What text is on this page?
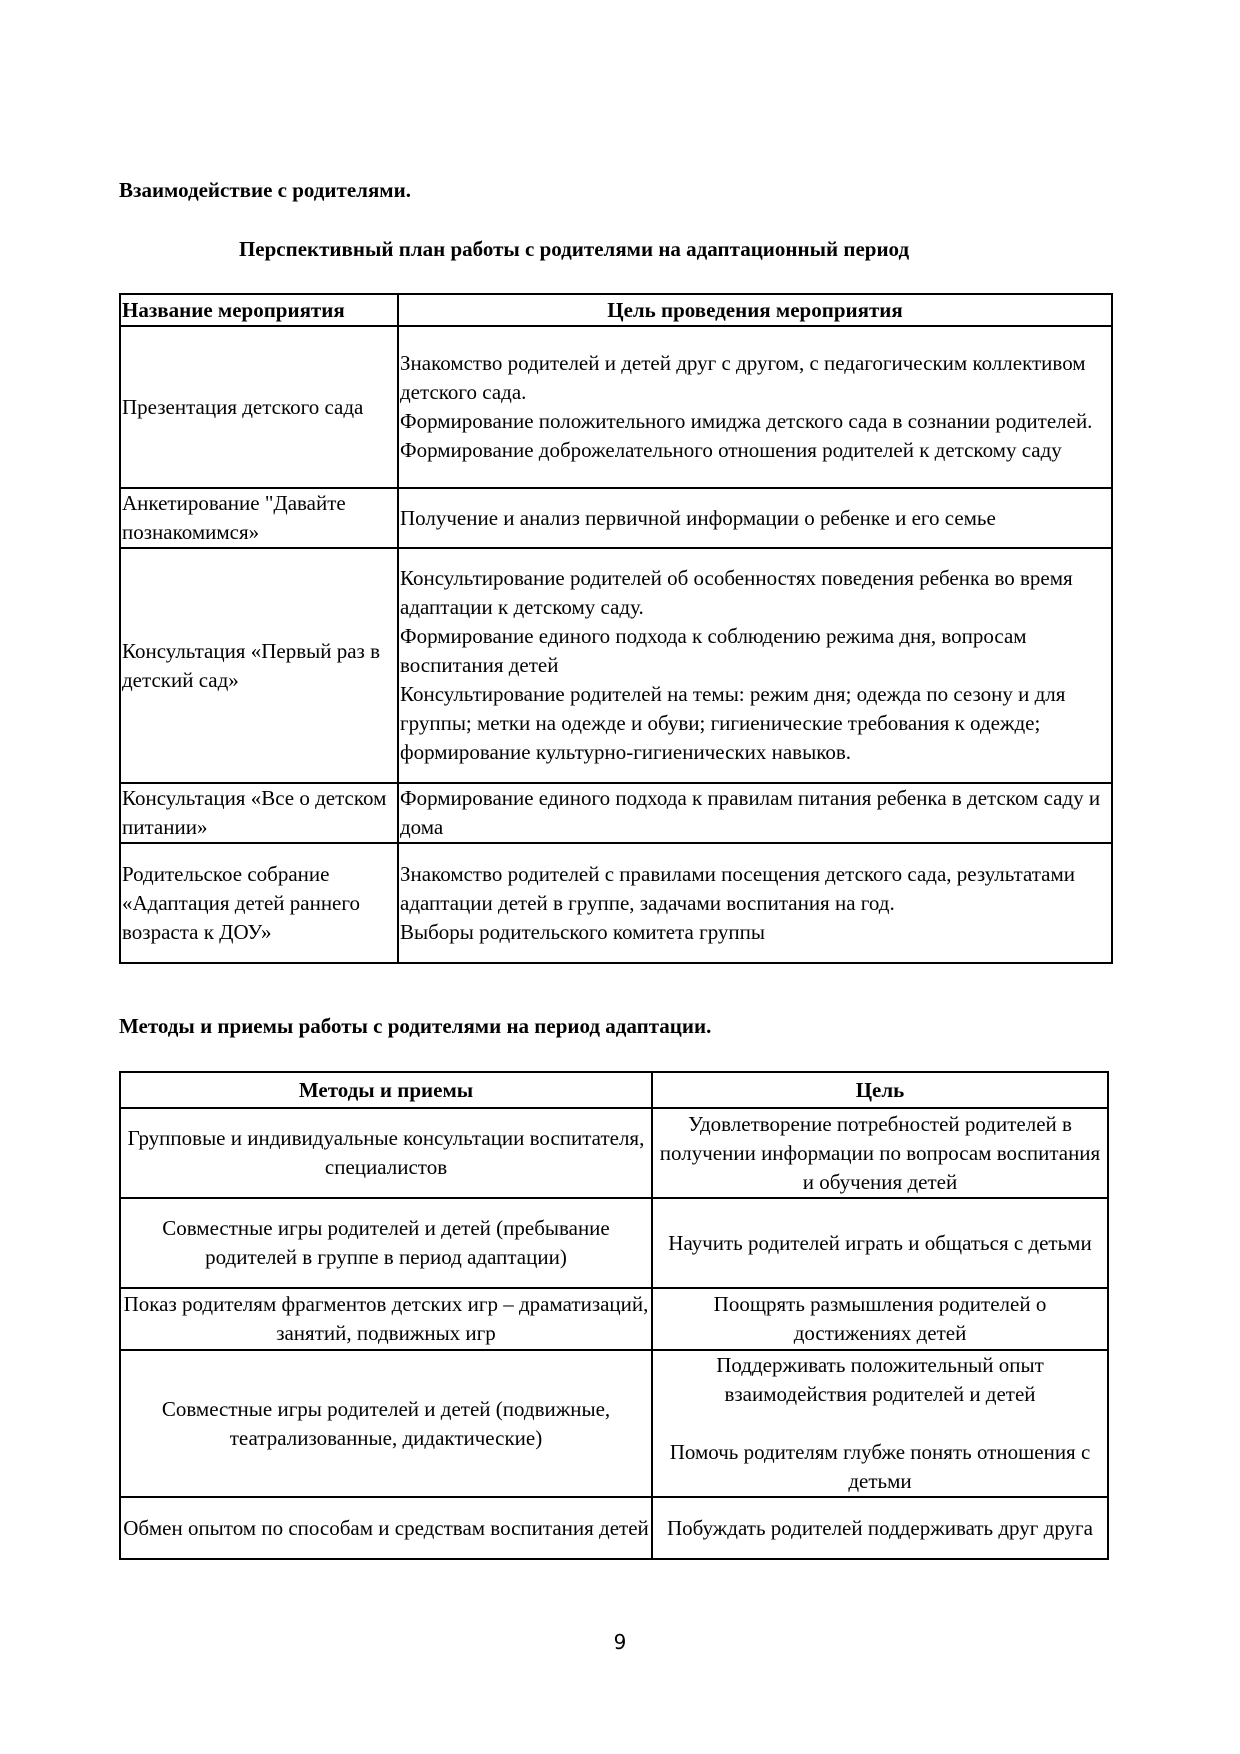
Взаимодействие с родителями.
Перспективный план работы с родителями на адаптационный период
Название мероприятия	Цель проведения мероприятия
Презентация детского сада	Знакомство родителей и детей друг с другом, с педагогическим коллективом детского сада.
Формирование положительного имиджа детского сада в сознании родителей.
Формирование доброжелательного отношения родителей к детскому саду

Анкетирование "Давайте познакомимся»	Получение и анализ первичной информации о ребенке и его семье

Консультация «Первый раз в детский сад»	Консультирование родителей об особенностях поведения ребенка во время адаптации к детскому саду.
Формирование единого подхода к соблюдению режима дня, вопросам воспитания детей
Консультирование родителей на темы: режим дня; одежда по сезону и для группы; метки на одежде и обуви; гигиенические требования к одежде; формирование культурно-гигиенических навыков.

Консультация «Все о детском питании»	Формирование единого подхода к правилам питания ребенка в детском саду и дома

Родительское собрание «Адаптация детей раннего возраста к ДОУ»	Знакомство родителей с правилами посещения детского сада, результатами адаптации детей в группе, задачами воспитания на год.
Выборы родительского комитета группы
Методы и приемы работы с родителями на период адаптации.
Методы и приемы	Цель
Групповые и индивидуальные консультации воспитателя, специалистов	Удовлетворение потребностей родителей в получении информации по вопросам воспитания и обучения детей
Совместные игры родителей и детей (пребывание родителей в группе в период адаптации)	Научить родителей играть и общаться с детьми
Показ родителям фрагментов детских игр – драматизаций, занятий, подвижных игр	Поощрять размышления родителей о достижениях детей
Совместные игры родителей и детей (подвижные, театрализованные, дидактические)	Поддерживать положительный опыт взаимодействия родителей и детей
Помочь родителям глубже понять отношения с детьми

Обмен опытом по способам и средствам воспитания детей	Побуждать родителей поддерживать друг друга
9
